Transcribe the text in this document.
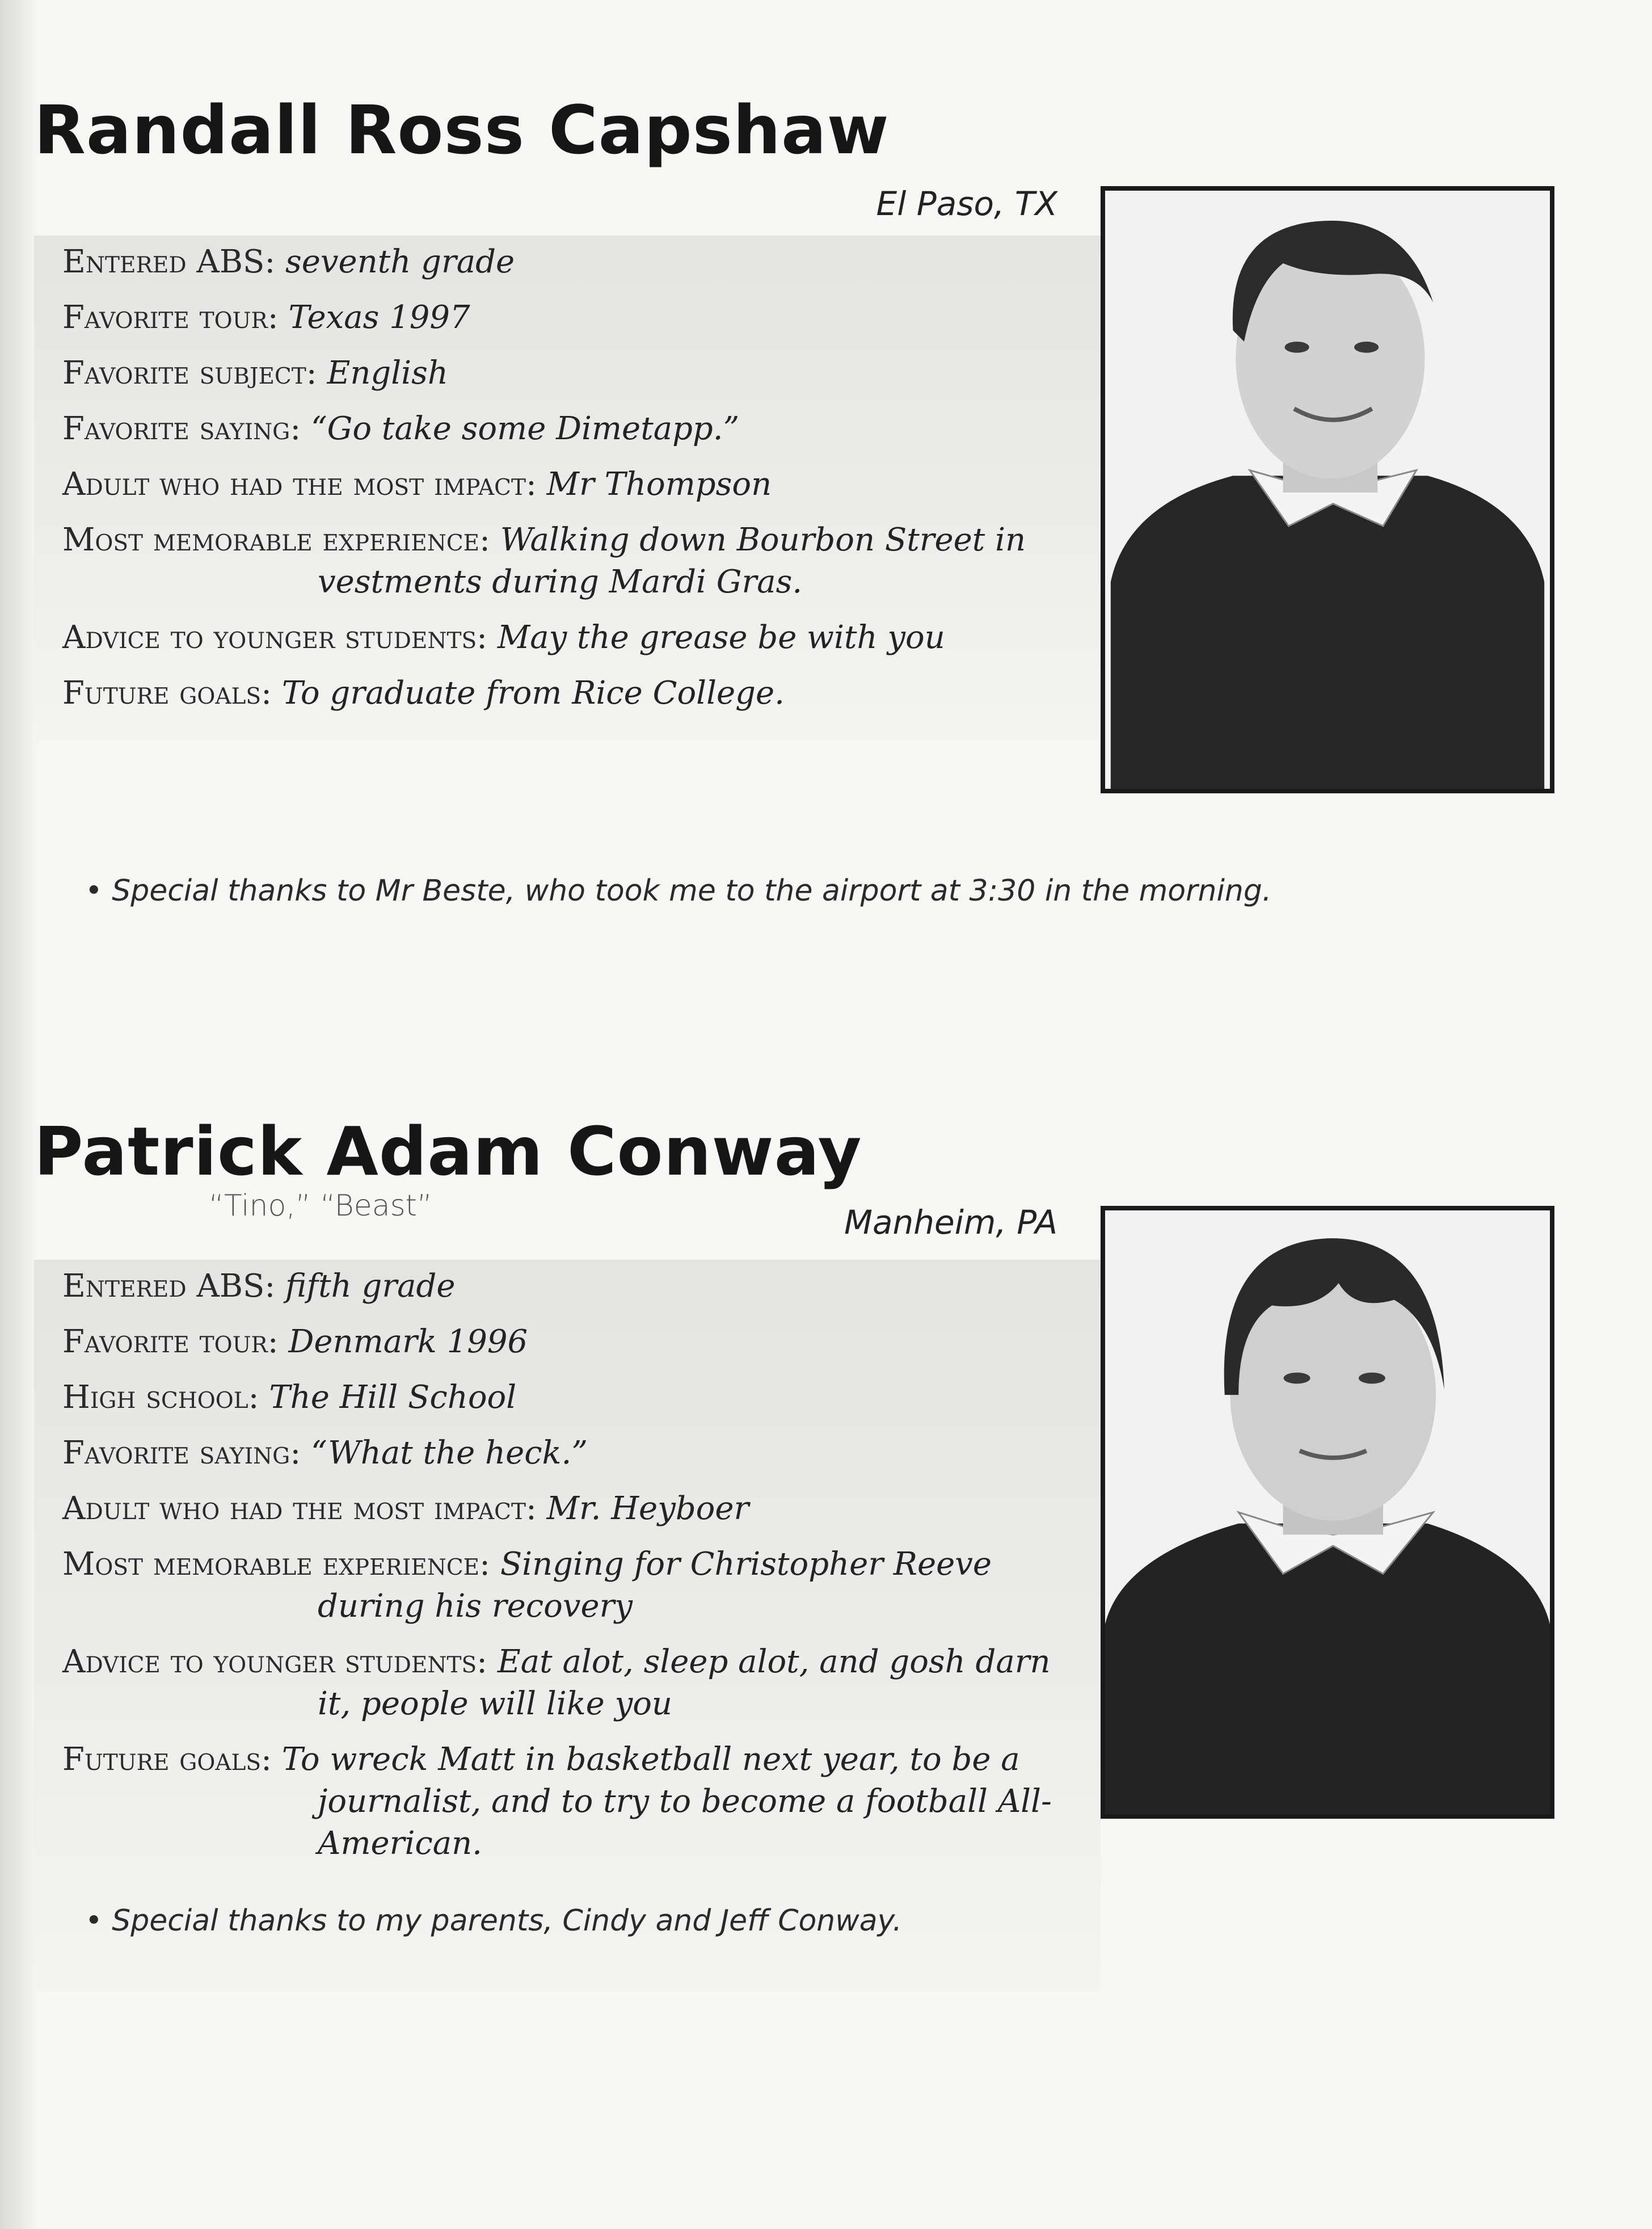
Randall Ross Capshaw
El Paso, TX
Entered ABS: seventh grade
Favorite tour: Texas 1997
Favorite subject: English
Favorite saying: “Go take some Dimetapp.”
Adult who had the most impact: Mr Thompson
Most memorable experience: Walking down Bourbon Street in vestments during Mardi Gras.
Advice to younger students: May the grease be with you
Future goals: To graduate from Rice College.
• Special thanks to Mr Beste, who took me to the airport at 3:30 in the morning.
Patrick Adam Conway
“Tino,” “Beast”	Manheim, PA
Entered ABS: fifth grade
Favorite tour: Denmark 1996
High school: The Hill School
Favorite saying: “What the heck.”
Adult who had the most impact: Mr. Heyboer
Most memorable experience: Singing for Christopher Reeve during his recovery
Advice to younger students: Eat alot, sleep alot, and gosh darn it, people will like you
Future goals: To wreck Matt in basketball next year, to be a journalist, and to try to become a football All-American.
• Special thanks to my parents, Cindy and Jeff Conway.
